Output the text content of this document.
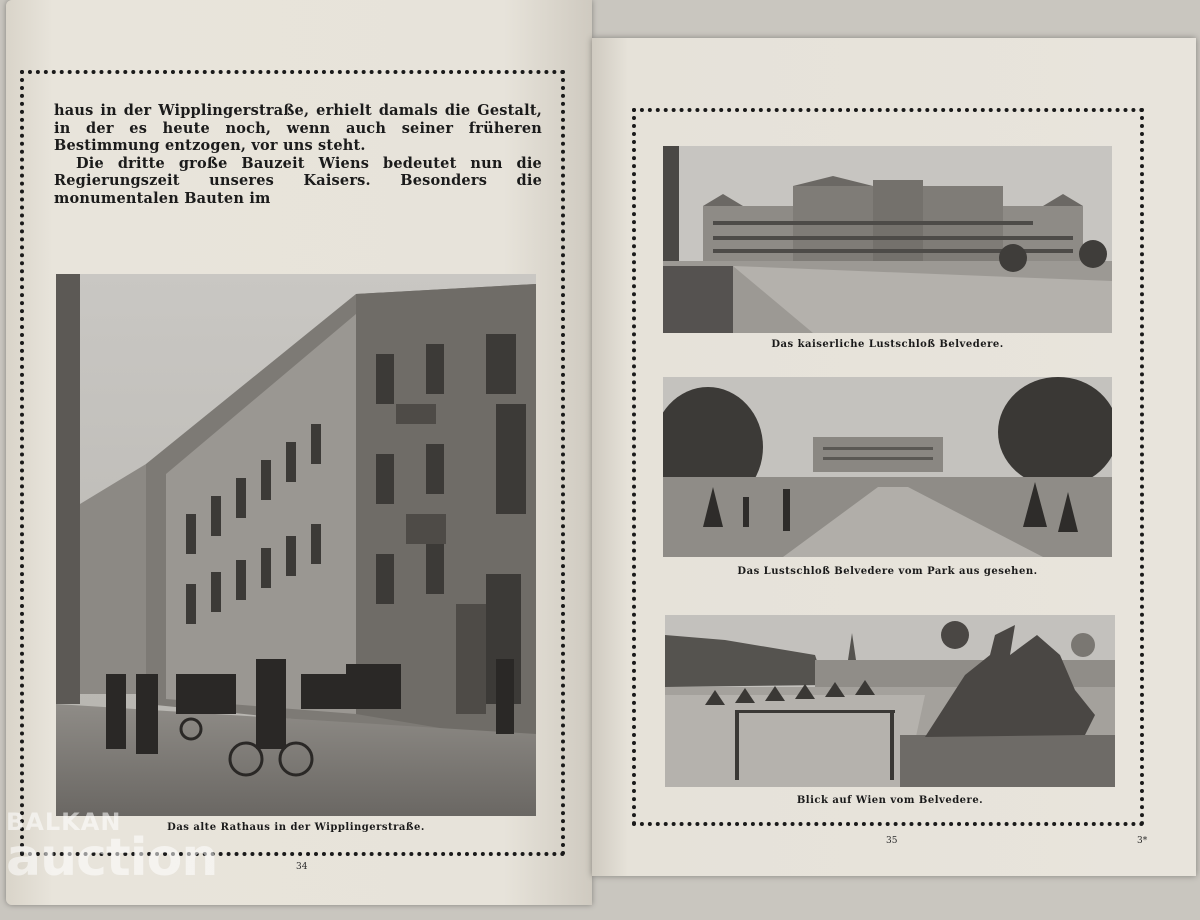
haus in der Wipplingerstraße, erhielt damals die Gestalt, in der es heute noch, wenn auch seiner früheren Bestimmung entzogen, vor uns steht.

Die dritte große Bauzeit Wiens bedeutet nun die Regierungszeit unseres Kaisers. Besonders die monumentalen Bauten im

Das alte Rathaus in der Wipplingerstraße.
34
Das kaiserliche Lustschloß Belvedere.
Das Lustschloß Belvedere vom Park aus gesehen.
Blick auf Wien vom Belvedere.
35	3*
BALKAN
auction
